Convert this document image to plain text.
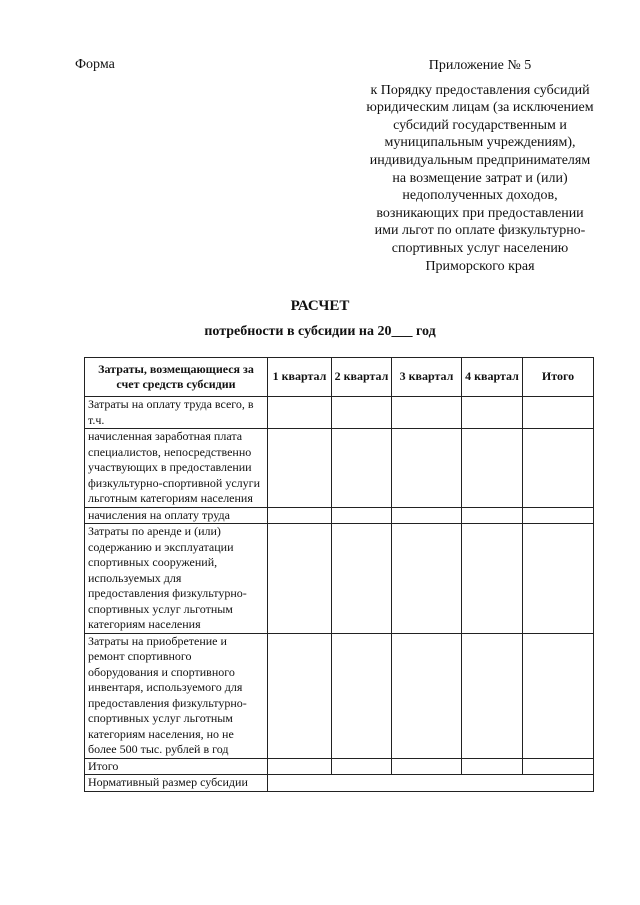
Форма	Приложение № 5
к Порядку предоставления субсидий
юридическим лицам (за исключением
субсидий государственным и
муниципальным учреждениям),
индивидуальным предпринимателям
на возмещение затрат и (или)
недополученных доходов,
возникающих при предоставлении
ими льгот по оплате физкультурно-
спортивных услуг населению
Приморского края
РАСЧЕТ
потребности в субсидии на 20___ год
Затраты, возмещающиеся за счет средств субсидии	1 квартал	2 квартал	3 квартал	4 квартал	Итого
Затраты на оплату труда всего, в т.ч.					
начисленная заработная плата специалистов, непосредственно участвующих в предоставлении физкультурно-спортивной услуги льготным категориям населения					
начисления на оплату труда					
Затраты по аренде и (или) содержанию и эксплуатации спортивных сооружений, используемых для предоставления физкультурно-спортивных услуг льготным категориям населения					
Затраты на приобретение и ремонт спортивного оборудования и спортивного инвентаря, используемого для предоставления физкультурно-спортивных услуг льготным категориям населения, но не более 500 тыс. рублей в год					
Итого					
Нормативный размер субсидии					
